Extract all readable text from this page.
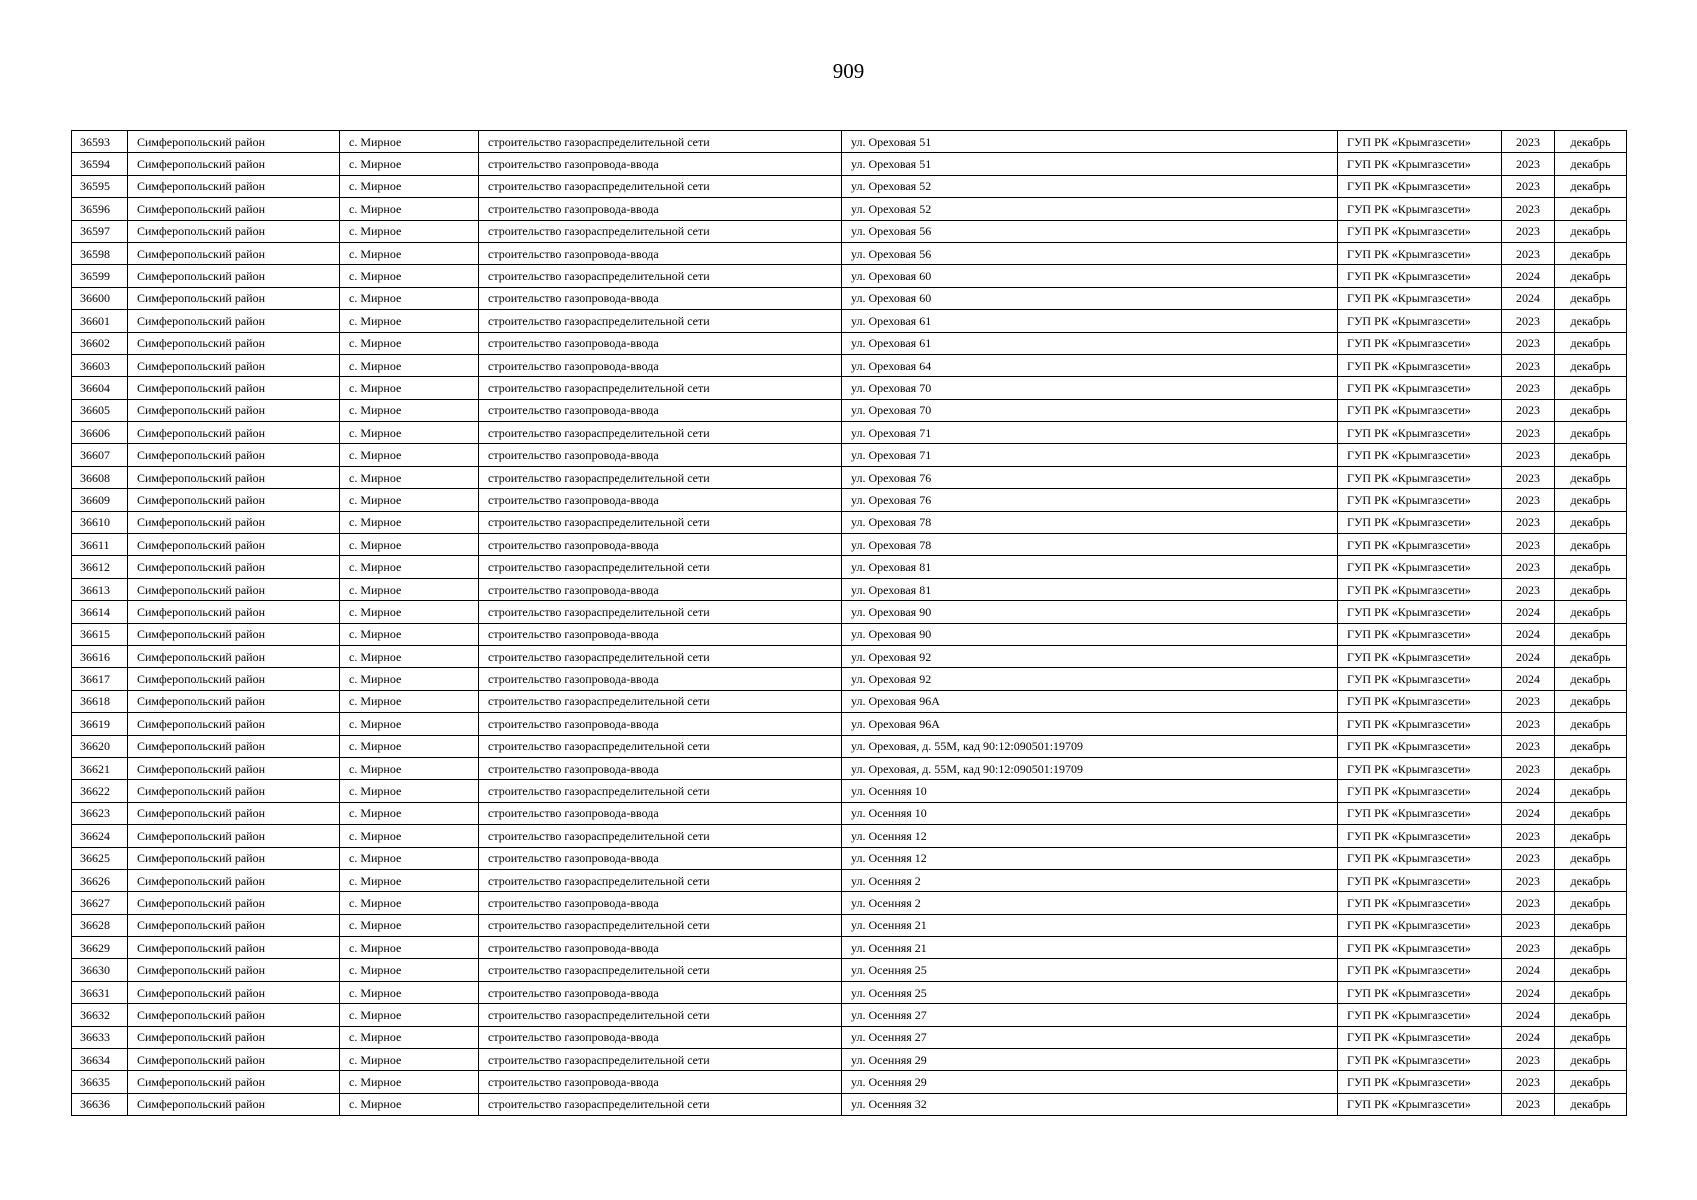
909
36593	Симферопольский район	с. Мирное	строительство газораспределительной сети	ул. Ореховая 51	ГУП РК «Крымгазсети»	2023	декабрь
36594	Симферопольский район	с. Мирное	строительство газопровода-ввода	ул. Ореховая 51	ГУП РК «Крымгазсети»	2023	декабрь
36595	Симферопольский район	с. Мирное	строительство газораспределительной сети	ул. Ореховая 52	ГУП РК «Крымгазсети»	2023	декабрь
36596	Симферопольский район	с. Мирное	строительство газопровода-ввода	ул. Ореховая 52	ГУП РК «Крымгазсети»	2023	декабрь
36597	Симферопольский район	с. Мирное	строительство газораспределительной сети	ул. Ореховая 56	ГУП РК «Крымгазсети»	2023	декабрь
36598	Симферопольский район	с. Мирное	строительство газопровода-ввода	ул. Ореховая 56	ГУП РК «Крымгазсети»	2023	декабрь
36599	Симферопольский район	с. Мирное	строительство газораспределительной сети	ул. Ореховая 60	ГУП РК «Крымгазсети»	2024	декабрь
36600	Симферопольский район	с. Мирное	строительство газопровода-ввода	ул. Ореховая 60	ГУП РК «Крымгазсети»	2024	декабрь
36601	Симферопольский район	с. Мирное	строительство газораспределительной сети	ул. Ореховая 61	ГУП РК «Крымгазсети»	2023	декабрь
36602	Симферопольский район	с. Мирное	строительство газопровода-ввода	ул. Ореховая 61	ГУП РК «Крымгазсети»	2023	декабрь
36603	Симферопольский район	с. Мирное	строительство газопровода-ввода	ул. Ореховая 64	ГУП РК «Крымгазсети»	2023	декабрь
36604	Симферопольский район	с. Мирное	строительство газораспределительной сети	ул. Ореховая 70	ГУП РК «Крымгазсети»	2023	декабрь
36605	Симферопольский район	с. Мирное	строительство газопровода-ввода	ул. Ореховая 70	ГУП РК «Крымгазсети»	2023	декабрь
36606	Симферопольский район	с. Мирное	строительство газораспределительной сети	ул. Ореховая 71	ГУП РК «Крымгазсети»	2023	декабрь
36607	Симферопольский район	с. Мирное	строительство газопровода-ввода	ул. Ореховая 71	ГУП РК «Крымгазсети»	2023	декабрь
36608	Симферопольский район	с. Мирное	строительство газораспределительной сети	ул. Ореховая 76	ГУП РК «Крымгазсети»	2023	декабрь
36609	Симферопольский район	с. Мирное	строительство газопровода-ввода	ул. Ореховая 76	ГУП РК «Крымгазсети»	2023	декабрь
36610	Симферопольский район	с. Мирное	строительство газораспределительной сети	ул. Ореховая 78	ГУП РК «Крымгазсети»	2023	декабрь
36611	Симферопольский район	с. Мирное	строительство газопровода-ввода	ул. Ореховая 78	ГУП РК «Крымгазсети»	2023	декабрь
36612	Симферопольский район	с. Мирное	строительство газораспределительной сети	ул. Ореховая 81	ГУП РК «Крымгазсети»	2023	декабрь
36613	Симферопольский район	с. Мирное	строительство газопровода-ввода	ул. Ореховая 81	ГУП РК «Крымгазсети»	2023	декабрь
36614	Симферопольский район	с. Мирное	строительство газораспределительной сети	ул. Ореховая 90	ГУП РК «Крымгазсети»	2024	декабрь
36615	Симферопольский район	с. Мирное	строительство газопровода-ввода	ул. Ореховая 90	ГУП РК «Крымгазсети»	2024	декабрь
36616	Симферопольский район	с. Мирное	строительство газораспределительной сети	ул. Ореховая 92	ГУП РК «Крымгазсети»	2024	декабрь
36617	Симферопольский район	с. Мирное	строительство газопровода-ввода	ул. Ореховая 92	ГУП РК «Крымгазсети»	2024	декабрь
36618	Симферопольский район	с. Мирное	строительство газораспределительной сети	ул. Ореховая 96А	ГУП РК «Крымгазсети»	2023	декабрь
36619	Симферопольский район	с. Мирное	строительство газопровода-ввода	ул. Ореховая 96А	ГУП РК «Крымгазсети»	2023	декабрь
36620	Симферопольский район	с. Мирное	строительство газораспределительной сети	ул. Ореховая, д. 55М, кад 90:12:090501:19709	ГУП РК «Крымгазсети»	2023	декабрь
36621	Симферопольский район	с. Мирное	строительство газопровода-ввода	ул. Ореховая, д. 55М, кад 90:12:090501:19709	ГУП РК «Крымгазсети»	2023	декабрь
36622	Симферопольский район	с. Мирное	строительство газораспределительной сети	ул. Осенняя 10	ГУП РК «Крымгазсети»	2024	декабрь
36623	Симферопольский район	с. Мирное	строительство газопровода-ввода	ул. Осенняя 10	ГУП РК «Крымгазсети»	2024	декабрь
36624	Симферопольский район	с. Мирное	строительство газораспределительной сети	ул. Осенняя 12	ГУП РК «Крымгазсети»	2023	декабрь
36625	Симферопольский район	с. Мирное	строительство газопровода-ввода	ул. Осенняя 12	ГУП РК «Крымгазсети»	2023	декабрь
36626	Симферопольский район	с. Мирное	строительство газораспределительной сети	ул. Осенняя 2	ГУП РК «Крымгазсети»	2023	декабрь
36627	Симферопольский район	с. Мирное	строительство газопровода-ввода	ул. Осенняя 2	ГУП РК «Крымгазсети»	2023	декабрь
36628	Симферопольский район	с. Мирное	строительство газораспределительной сети	ул. Осенняя 21	ГУП РК «Крымгазсети»	2023	декабрь
36629	Симферопольский район	с. Мирное	строительство газопровода-ввода	ул. Осенняя 21	ГУП РК «Крымгазсети»	2023	декабрь
36630	Симферопольский район	с. Мирное	строительство газораспределительной сети	ул. Осенняя 25	ГУП РК «Крымгазсети»	2024	декабрь
36631	Симферопольский район	с. Мирное	строительство газопровода-ввода	ул. Осенняя 25	ГУП РК «Крымгазсети»	2024	декабрь
36632	Симферопольский район	с. Мирное	строительство газораспределительной сети	ул. Осенняя 27	ГУП РК «Крымгазсети»	2024	декабрь
36633	Симферопольский район	с. Мирное	строительство газопровода-ввода	ул. Осенняя 27	ГУП РК «Крымгазсети»	2024	декабрь
36634	Симферопольский район	с. Мирное	строительство газораспределительной сети	ул. Осенняя 29	ГУП РК «Крымгазсети»	2023	декабрь
36635	Симферопольский район	с. Мирное	строительство газопровода-ввода	ул. Осенняя 29	ГУП РК «Крымгазсети»	2023	декабрь
36636	Симферопольский район	с. Мирное	строительство газораспределительной сети	ул. Осенняя 32	ГУП РК «Крымгазсети»	2023	декабрь
